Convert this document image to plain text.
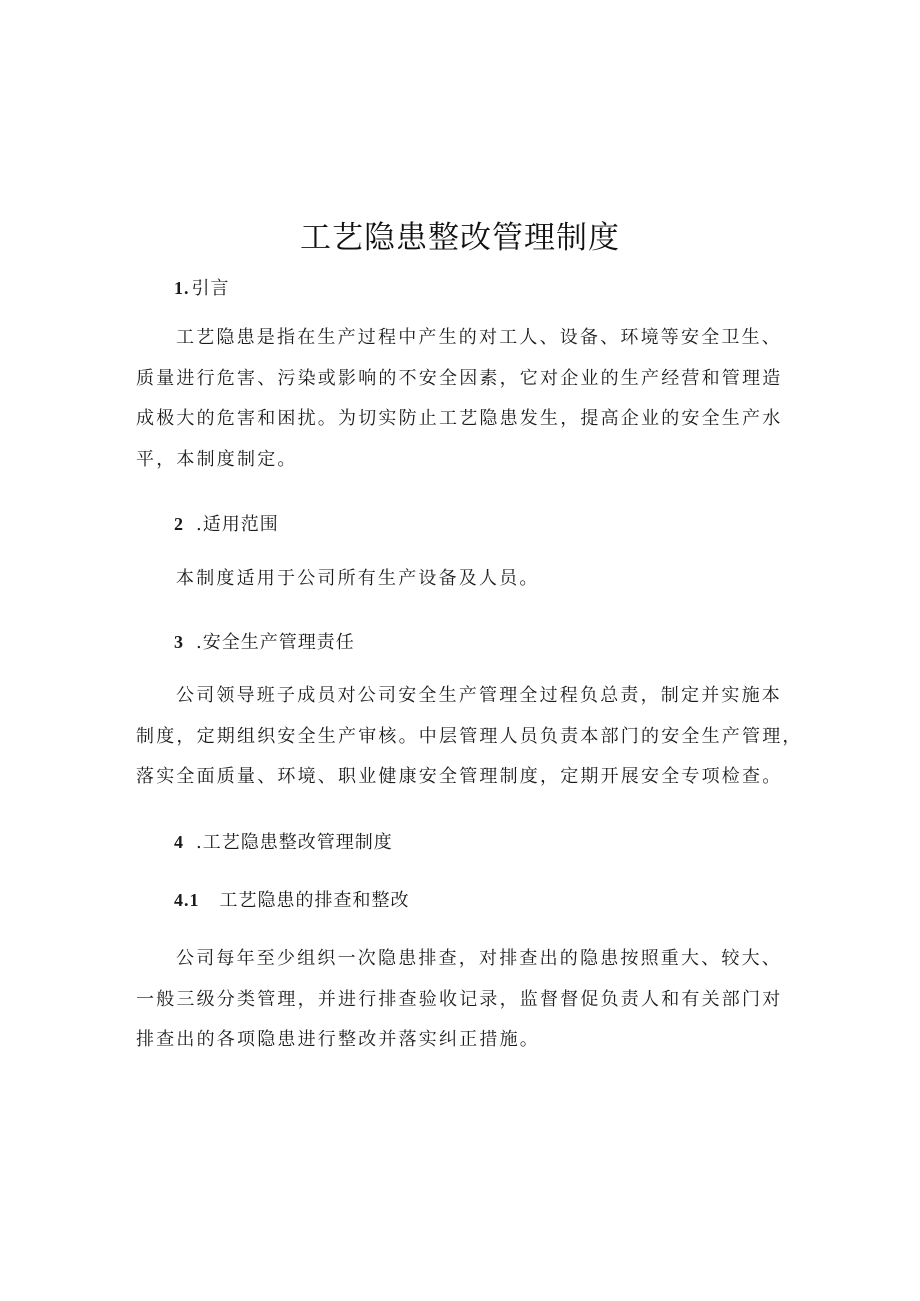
工艺隐患整改管理制度
1. 引言
工艺隐患是指在生产过程中产生的对工人、设备、环境等安全卫生、
质量进行危害、污染或影响的不安全因素，它对企业的生产经营和管理造
成极大的危害和困扰。为切实防止工艺隐患发生，提高企业的安全生产水
平，本制度制定。
2 .适用范围
本制度适用于公司所有生产设备及人员。
3 .安全生产管理责任
公司领导班子成员对公司安全生产管理全过程负总责，制定并实施本
制度，定期组织安全生产审核。中层管理人员负责本部门的安全生产管理，
落实全面质量、环境、职业健康安全管理制度，定期开展安全专项检查。
4 .工艺隐患整改管理制度
4.1 工艺隐患的排查和整改
公司每年至少组织一次隐患排查，对排查出的隐患按照重大、较大、
一般三级分类管理，并进行排查验收记录，监督督促负责人和有关部门对
排查出的各项隐患进行整改并落实纠正措施。
